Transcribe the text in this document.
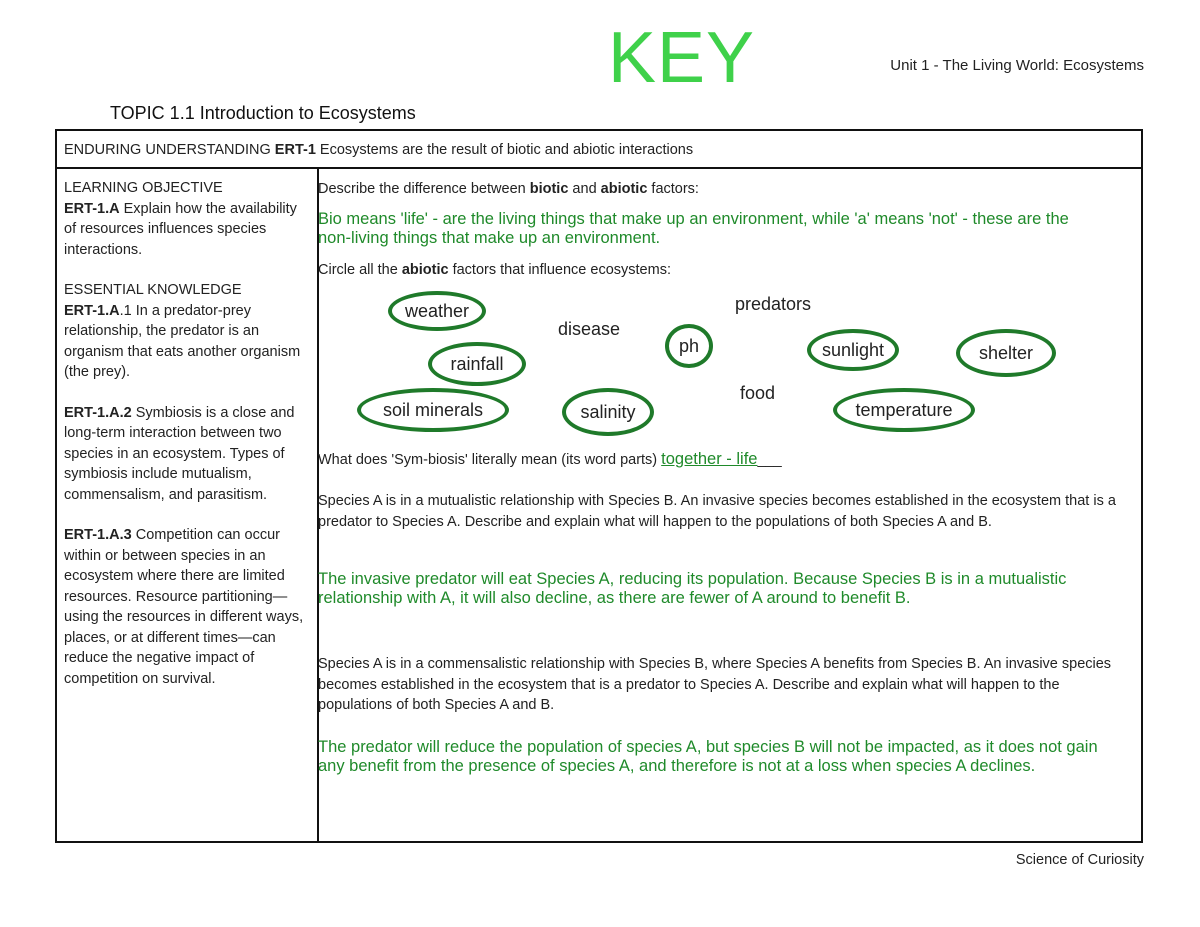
KEY	Unit 1 - The Living World: Ecosystems
TOPIC 1.1 Introduction to Ecosystems
ENDURING UNDERSTANDING ERT-1 Ecosystems are the result of biotic and abiotic interactions

LEARNING OBJECTIVE
ERT-1.A Explain how the availability of resources influences species interactions.

ESSENTIAL KNOWLEDGE
ERT-1.A.1 In a predator-prey relationship, the predator is an organism that eats another organism (the prey).

ERT-1.A.2 Symbiosis is a close and long-term interaction between two species in an ecosystem. Types of symbiosis include mutualism, commensalism, and parasitism.

ERT-1.A.3 Competition can occur within or between species in an ecosystem where there are limited resources. Resource partitioning— using the resources in different ways, places, or at different times—can reduce the negative impact of competition on survival.

Describe the difference between biotic and abiotic factors:
Bio means 'life' - are the living things that make up an environment, while 'a' means 'not' - these are the non-living things that make up an environment.
Circle all the abiotic factors that influence ecosystems:
weather
disease
predators
ph	sunlight	shelter
rainfall
food
soil minerals	salinity	temperature
What does 'Sym-biosis' literally mean (its word parts) together - life___
Species A is in a mutualistic relationship with Species B. An invasive species becomes established in the ecosystem that is a predator to Species A. Describe and explain what will happen to the populations of both Species A and B.
The invasive predator will eat Species A, reducing its population. Because Species B is in a mutualistic relationship with A, it will also decline, as there are fewer of A around to benefit B.
Species A is in a commensalistic relationship with Species B, where Species A benefits from Species B. An invasive species becomes established in the ecosystem that is a predator to Species A. Describe and explain what will happen to the populations of both Species A and B.
The predator will reduce the population of species A, but species B will not be impacted, as it does not gain any benefit from the presence of species A, and therefore is not at a loss when species A declines.
Science of Curiosity
